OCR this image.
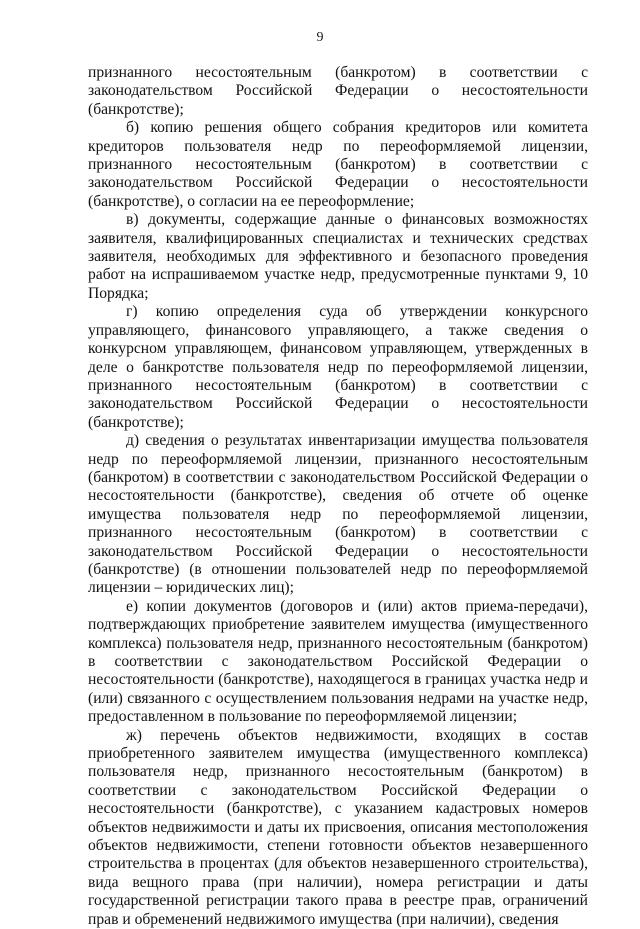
9

признанного несостоятельным (банкротом) в соответствии с законодательством Российской Федерации о несостоятельности (банкротстве);

б) копию решения общего собрания кредиторов или комитета кредиторов пользователя недр по переоформляемой лицензии, признанного несостоятельным (банкротом) в соответствии с законодательством Российской Федерации о несостоятельности (банкротстве), о согласии на ее переоформление;

в) документы, содержащие данные о финансовых возможностях заявителя, квалифицированных специалистах и технических средствах заявителя, необходимых для эффективного и безопасного проведения работ на испрашиваемом участке недр, предусмотренные пунктами 9, 10 Порядка;

г) копию определения суда об утверждении конкурсного управляющего, финансового управляющего, а также сведения о конкурсном управляющем, финансовом управляющем, утвержденных в деле о банкротстве пользователя недр по переоформляемой лицензии, признанного несостоятельным (банкротом) в соответствии с законодательством Российской Федерации о несостоятельности (банкротстве);

д) сведения о результатах инвентаризации имущества пользователя недр по переоформляемой лицензии, признанного несостоятельным (банкротом) в соответствии с законодательством Российской Федерации о несостоятельности (банкротстве), сведения об отчете об оценке имущества пользователя недр по переоформляемой лицензии, признанного несостоятельным (банкротом) в соответствии с законодательством Российской Федерации о несостоятельности (банкротстве) (в отношении пользователей недр по переоформляемой лицензии – юридических лиц);

е) копии документов (договоров и (или) актов приема-передачи), подтверждающих приобретение заявителем имущества (имущественного комплекса) пользователя недр, признанного несостоятельным (банкротом) в соответствии с законодательством Российской Федерации о несостоятельности (банкротстве), находящегося в границах участка недр и (или) связанного с осуществлением пользования недрами на участке недр, предоставленном в пользование по переоформляемой лицензии;

ж) перечень объектов недвижимости, входящих в состав приобретенного заявителем имущества (имущественного комплекса) пользователя недр, признанного несостоятельным (банкротом) в соответствии с законодательством Российской Федерации о несостоятельности (банкротстве), с указанием кадастровых номеров объектов недвижимости и даты их присвоения, описания местоположения объектов недвижимости, степени готовности объектов незавершенного строительства в процентах (для объектов незавершенного строительства), вида вещного права (при наличии), номера регистрации и даты государственной регистрации такого права в реестре прав, ограничений прав и обременений недвижимого имущества (при наличии), сведения
